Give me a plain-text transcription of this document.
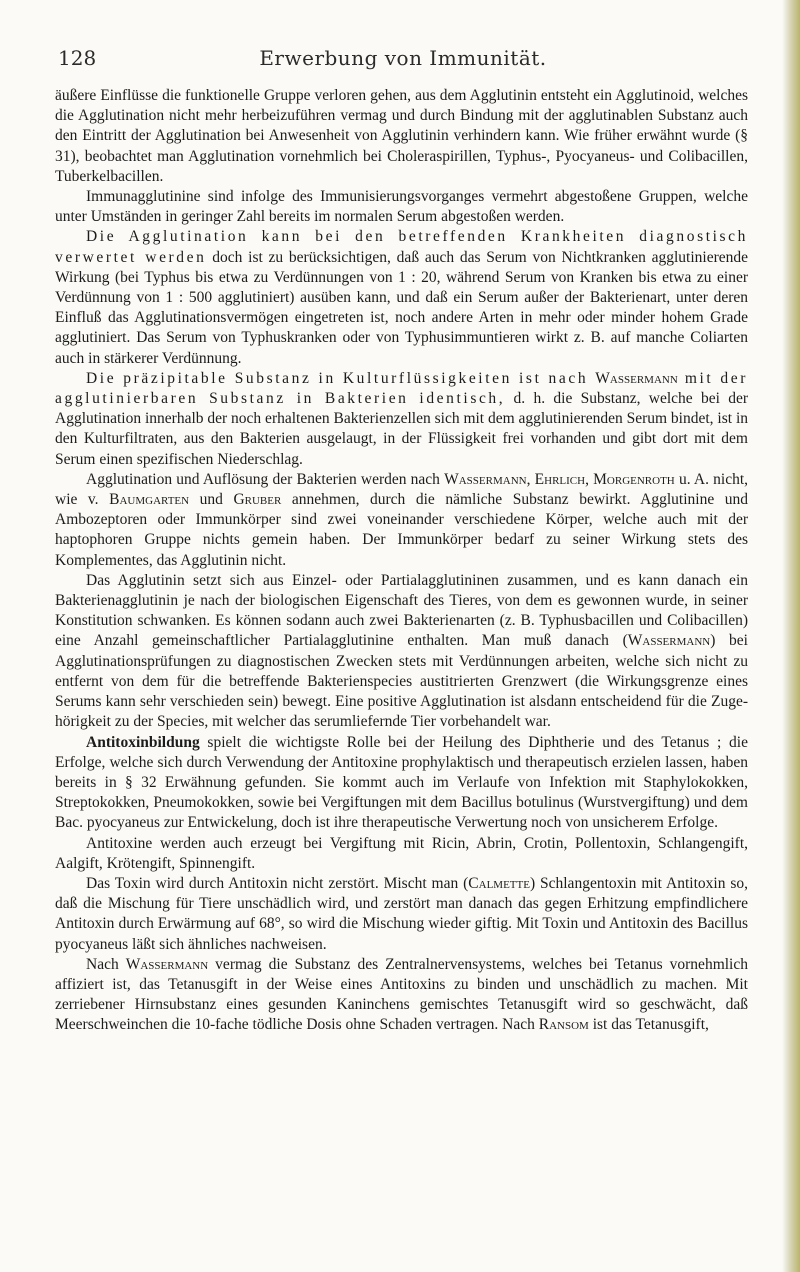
128	Erwerbung von Immunität.

äußere Einflüsse die funktionelle Gruppe verloren gehen, aus dem Agglutinin entsteht ein Agglutinoid, welches die Agglutination nicht mehr herbeizuführen vermag und durch Bindung mit der agglutinablen Substanz auch den Eintritt der Agglutination bei Anwesenheit von Agglutinin verhindern kann. Wie früher erwähnt wurde (§ 31), beobachtet man Agglutination vornehmlich bei Choleraspirillen, Typhus-, Pyocyaneus- und Colibacillen, Tuberkelbacillen.

Immunagglutinine sind infolge des Immunisierungsvorganges vermehrt abgestoßene Gruppen, welche unter Umständen in geringer Zahl bereits im normalen Serum abgestoßen werden.

Die Agglutination kann bei den betreffenden Krankheiten diagnostisch verwertet werden doch ist zu berücksichtigen, daß auch das Serum von Nichtkranken agglutinierende Wirkung (bei Typhus bis etwa zu Verdünnungen von 1 : 20, während Serum von Kranken bis etwa zu einer Verdünnung von 1 : 500 agglutiniert) ausüben kann, und daß ein Serum außer der Bakterienart, unter deren Einfluß das Agglutinationsvermögen eingetreten ist, noch andere Arten in mehr oder minder hohem Grade agglutiniert. Das Serum von Typhuskranken oder von Typhusimmuntieren wirkt z. B. auf manche Coliarten auch in stärkerer Verdünnung.

Die präzipitable Substanz in Kulturflüssigkeiten ist nach Wassermann mit der agglutinierbaren Substanz in Bakterien identisch, d. h. die Substanz, welche bei der Agglutination innerhalb der noch erhaltenen Bakterienzellen sich mit dem agglutinierenden Serum bindet, ist in den Kulturfiltraten, aus den Bakterien ausgelaugt, in der Flüssigkeit frei vorhanden und gibt dort mit dem Serum einen spezifischen Niederschlag.

Agglutination und Auflösung der Bakterien werden nach Wassermann, Ehrlich, Morgenroth u. A. nicht, wie v. Baumgarten und Gruber annehmen, durch die nämliche Substanz bewirkt. Agglutinine und Ambozeptoren oder Immunkörper sind zwei voneinander verschiedene Körper, welche auch mit der haptophoren Gruppe nichts gemein haben. Der Immunkörper bedarf zu seiner Wirkung stets des Komplementes, das Agglutinin nicht.

Das Agglutinin setzt sich aus Einzel- oder Partialagglutininen zusammen, und es kann danach ein Bakterienagglutinin je nach der biologischen Eigenschaft des Tieres, von dem es gewonnen wurde, in seiner Konstitution schwanken. Es können sodann auch zwei Bakterienarten (z. B. Typhusbacillen und Colibacillen) eine Anzahl gemeinschaftlicher Partialagglutinine enthalten. Man muß danach (Wassermann) bei Agglutinationsprüfungen zu diagnostischen Zwecken stets mit Verdünnungen arbeiten, welche sich nicht zu entfernt von dem für die betreffende Bakterienspecies austitrierten Grenzwert (die Wirkungsgrenze eines Serums kann sehr verschieden sein) bewegt. Eine positive Agglutination ist alsdann entscheidend für die Zugehörigkeit zu der Species, mit welcher das serumliefernde Tier vorbehandelt war.

Antitoxinbildung spielt die wichtigste Rolle bei der Heilung des Diphtherie und des Tetanus ; die Erfolge, welche sich durch Verwendung der Antitoxine prophylaktisch und therapeutisch erzielen lassen, haben bereits in § 32 Erwähnung gefunden. Sie kommt auch im Verlaufe von Infektion mit Staphylokokken, Streptokokken, Pneumokokken, sowie bei Vergiftungen mit dem Bacillus botulinus (Wurstvergiftung) und dem Bac. pyocyaneus zur Entwickelung, doch ist ihre therapeutische Verwertung noch von unsicherem Erfolge.

Antitoxine werden auch erzeugt bei Vergiftung mit Ricin, Abrin, Crotin, Pollentoxin, Schlangengift, Aalgift, Krötengift, Spinnengift.

Das Toxin wird durch Antitoxin nicht zerstört. Mischt man (Calmette) Schlangentoxin mit Antitoxin so, daß die Mischung für Tiere unschädlich wird, und zerstört man danach das gegen Erhitzung empfindlichere Antitoxin durch Erwärmung auf 68°, so wird die Mischung wieder giftig. Mit Toxin und Antitoxin des Bacillus pyocyaneus läßt sich ähnliches nachweisen.

Nach Wassermann vermag die Substanz des Zentralnervensystems, welches bei Tetanus vornehmlich affiziert ist, das Tetanusgift in der Weise eines Antitoxins zu binden und unschädlich zu machen. Mit zerriebener Hirnsubstanz eines gesunden Kaninchens gemischtes Tetanusgift wird so geschwächt, daß Meerschweinchen die 10-fache tödliche Dosis ohne Schaden vertragen. Nach Ransom ist das Tetanusgift,
